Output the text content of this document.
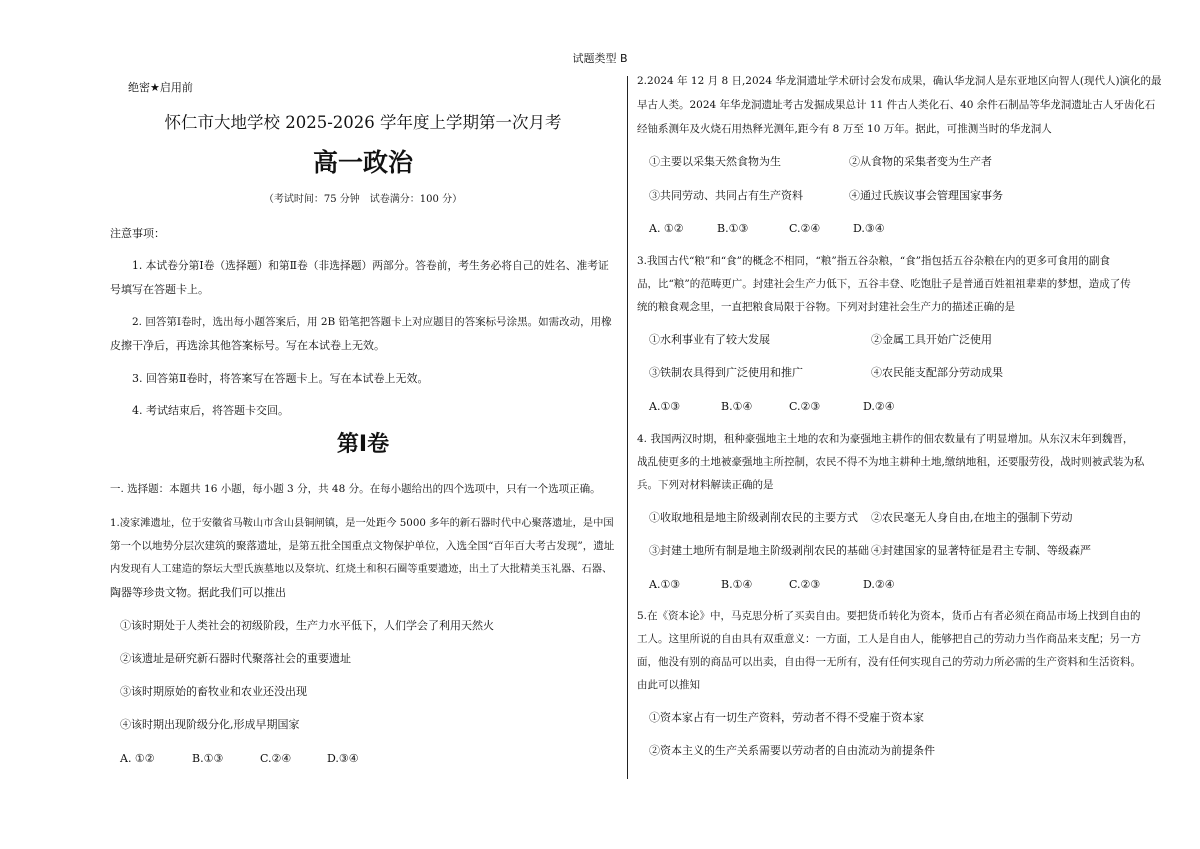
试题类型 B
绝密★启用前
怀仁市大地学校 2025-2026 学年度上学期第一次月考
高一政治
（考试时间：75 分钟　试卷满分：100 分）
注意事项：
1. 本试卷分第Ⅰ卷（选择题）和第Ⅱ卷（非选择题）两部分。答卷前，考生务必将自己的姓名、准考证
号填写在答题卡上。
2. 回答第Ⅰ卷时，选出每小题答案后，用 2B 铅笔把答题卡上对应题目的答案标号涂黑。如需改动，用橡
皮擦干净后，再选涂其他答案标号。写在本试卷上无效。
3. 回答第Ⅱ卷时，将答案写在答题卡上。写在本试卷上无效。
4. 考试结束后，将答题卡交回。
第Ⅰ卷
一. 选择题：本题共 16 小题，每小题 3 分，共 48 分。在每小题给出的四个选项中，只有一个选项正确。
1.凌家滩遗址，位于安徽省马鞍山市含山县铜闸镇，是一处距今 5000 多年的新石器时代中心聚落遗址，是中国
第一个以地势分层次建筑的聚落遗址，是第五批全国重点文物保护单位，入选全国“百年百大考古发现”，遗址
内发现有人工建造的祭坛大型氏族墓地以及祭坑、红烧土和积石圈等重要遗迹，出土了大批精美玉礼器、石器、
陶器等珍贵文物。据此我们可以推出
①该时期处于人类社会的初级阶段，生产力水平低下，人们学会了利用天然火
②该遗址是研究新石器时代聚落社会的重要遗址
③该时期原始的畜牧业和农业还没出现
④该时期出现阶级分化,形成早期国家
A. ①②	B.①③	C.②④	D.③④
2.2024 年 12 月 8 日,2024 华龙洞遗址学术研讨会发布成果，确认华龙洞人是东亚地区向智人(现代人)演化的最
早古人类。2024 年华龙洞遗址考古发掘成果总计 11 件古人类化石、40 余件石制品等华龙洞遗址古人牙齿化石
经铀系测年及火烧石用热释光测年,距今有 8 万至 10 万年。据此，可推测当时的华龙洞人
①主要以采集天然食物为生	②从食物的采集者变为生产者
③共同劳动、共同占有生产资料	④通过氏族议事会管理国家事务
A. ①②	B.①③	C.②④	D.③④
3.我国古代“粮”和“食”的概念不相同，“粮”指五谷杂粮，“食”指包括五谷杂粮在内的更多可食用的副食
品，比“粮”的范畴更广。封建社会生产力低下，五谷丰登、吃饱肚子是普通百姓祖祖辈辈的梦想，造成了传
统的粮食观念里，一直把粮食局限于谷物。下列对封建社会生产力的描述正确的是
①水利事业有了较大发展	②金属工具开始广泛使用
③铁制农具得到广泛使用和推广	④农民能支配部分劳动成果
A.①③	B.①④	C.②③	D.②④
4. 我国两汉时期，租种豪强地主土地的农和为豪强地主耕作的佃农数量有了明显增加。从东汉末年到魏晋，
战乱使更多的土地被豪强地主所控制，农民不得不为地主耕种土地,缴纳地租，还要服劳役，战时则被武装为私
兵。下列对材料解读正确的是
①收取地租是地主阶级剥削农民的主要方式 ②农民毫无人身自由,在地主的强制下劳动
③封建土地所有制是地主阶级剥削农民的基础 ④封建国家的显著特征是君主专制、等级森严
A.①③	B.①④	C.②③	D.②④
5.在《资本论》中，马克思分析了买卖自由。要把货币转化为资本，货币占有者必须在商品市场上找到自由的
工人。这里所说的自由具有双重意义：一方面，工人是自由人，能够把自己的劳动力当作商品来支配；另一方
面，他没有别的商品可以出卖，自由得一无所有，没有任何实现自己的劳动力所必需的生产资料和生活资料。
由此可以推知
①资本家占有一切生产资料，劳动者不得不受雇于资本家
②资本主义的生产关系需要以劳动者的自由流动为前提条件
